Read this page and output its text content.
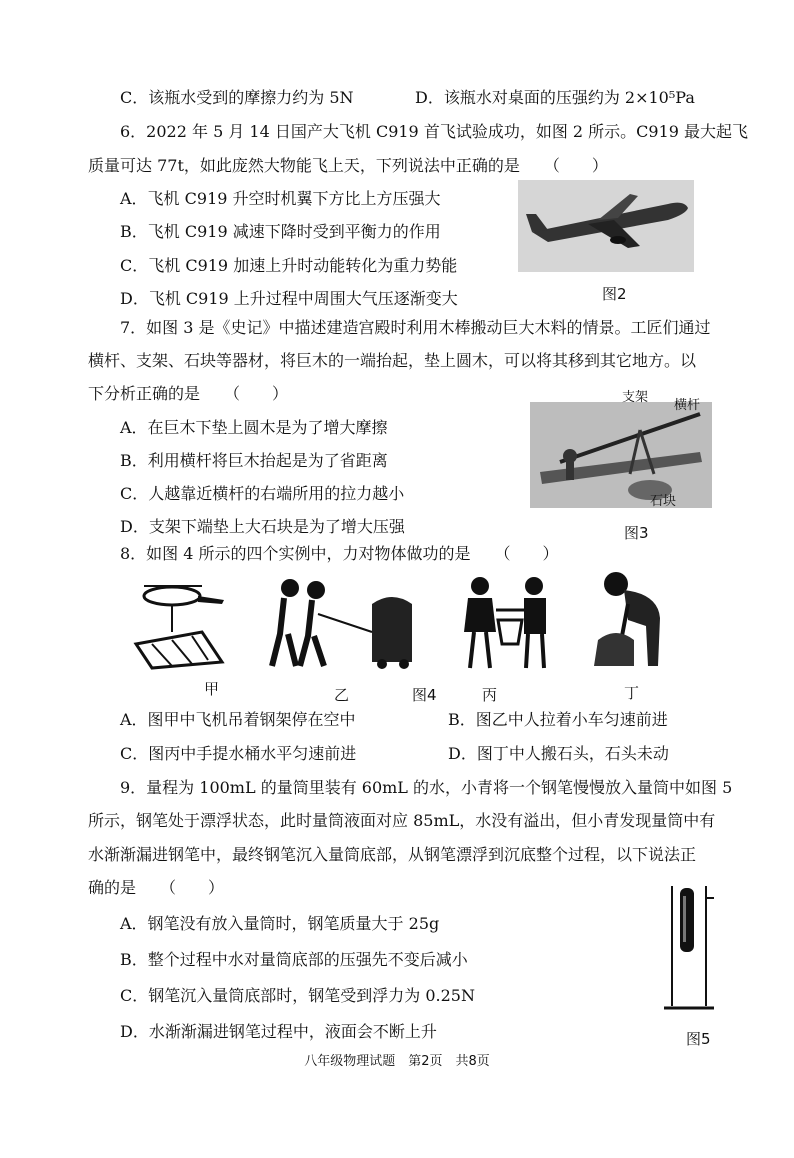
C．该瓶水受到的摩擦力约为 5N	D．该瓶水对桌面的压强约为 2×10⁵Pa
6．2022 年 5 月 14 日国产大飞机 C919 首飞试验成功，如图 2 所示。C919 最大起飞
质量可达 77t，如此庞然大物能飞上天，下列说法中正确的是　　（　　）
A．飞机 C919 升空时机翼下方比上方压强大
B．飞机 C919 减速下降时受到平衡力的作用
C．飞机 C919 加速上升时动能转化为重力势能
D．飞机 C919 上升过程中周围大气压逐渐变大	图2
7．如图 3 是《史记》中描述建造宫殿时利用木棒搬动巨大木料的情景。工匠们通过
横杆、支架、石块等器材，将巨木的一端抬起，垫上圆木，可以将其移到其它地方。以
下分析正确的是　　（　　）
A．在巨木下垫上圆木是为了增大摩擦
B．利用横杆将巨木抬起是为了省距离
C．人越靠近横杆的右端所用的拉力越小
D．支架下端垫上大石块是为了增大压强
支架
横杆
石块
图3
8．如图 4 所示的四个实例中，力对物体做功的是　　（　　）
甲	乙	图4	丙	丁
A．图甲中飞机吊着钢架停在空中	B．图乙中人拉着小车匀速前进
C．图丙中手提水桶水平匀速前进	D．图丁中人搬石头，石头未动
9．量程为 100mL 的量筒里装有 60mL 的水，小青将一个钢笔慢慢放入量筒中如图 5
所示，钢笔处于漂浮状态，此时量筒液面对应 85mL，水没有溢出，但小青发现量筒中有
水渐渐漏进钢笔中，最终钢笔沉入量筒底部，从钢笔漂浮到沉底整个过程，以下说法正
确的是　　（　　）
A．钢笔没有放入量筒时，钢笔质量大于 25g
B．整个过程中水对量筒底部的压强先不变后减小
C．钢笔沉入量筒底部时，钢笔受到浮力为 0.25N
D．水渐渐漏进钢笔过程中，液面会不断上升	图5
八年级物理试题　第2页　共8页
